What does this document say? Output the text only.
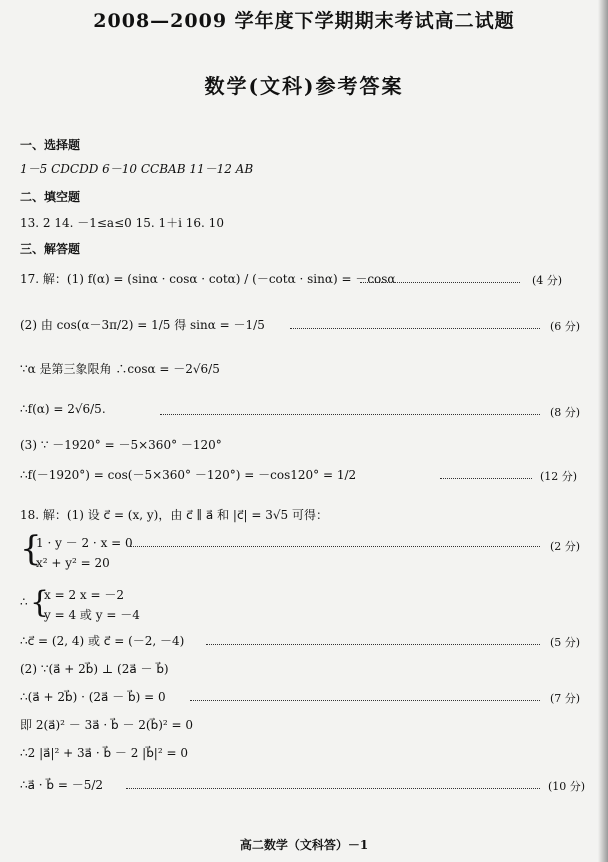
2008—2009 学年度下学期期末考试高二试题
数学(文科)参考答案
一、选择题
1－5 CDCDD 6－10 CCBAB 11－12 AB
二、填空题
13. 2 14. －1≤a≤0 15. 1＋i 16. 10
三、解答题
17. 解：(1) f(α) = (sinα · cosα · cotα) / (－cotα · sinα) = －cosα	(4 分)
(2) 由 cos(α－3π/2) = 1/5 得 sinα = －1/5	(6 分)
∵α 是第三象限角 ∴cosα = －2√6/5
∴f(α) = 2√6/5.	(8 分)
(3) ∵ －1920° = －5×360° －120°
∴f(－1920°) = cos(－5×360° －120°) = －cos120° = 1/2	(12 分)
18. 解：(1) 设 c⃗ = (x, y)，由 c⃗ ∥ a⃗ 和 |c⃗| = 3√5 可得：
{
1 · y － 2 · x = 0	(2 分)
x² + y² = 20
∴ {
x = 2 x = －2
y = 4 或 y = －4
∴c⃗ = (2, 4) 或 c⃗ = (－2, －4)	(5 分)
(2) ∵(a⃗ + 2b⃗) ⊥ (2a⃗ － b⃗)
∴(a⃗ + 2b⃗) · (2a⃗ － b⃗) = 0	(7 分)
即 2(a⃗)² － 3a⃗ · b⃗ － 2(b⃗)² = 0
∴2 |a⃗|² + 3a⃗ · b⃗ － 2 |b⃗|² = 0
∴a⃗ · b⃗ = －5/2	(10 分)
高二数学（文科答）－1
